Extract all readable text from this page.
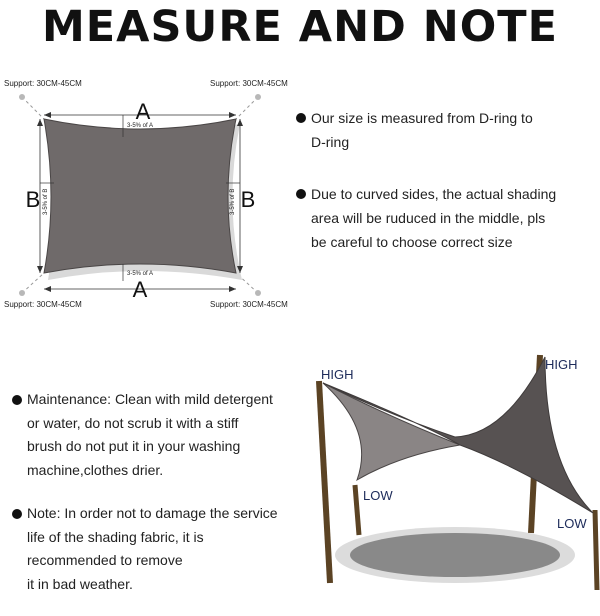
MEASURE AND NOTE
A
3-5% of A
A
3-5% of A
B 3-5% of B	B
3-5% of B
Support: 30CM-45CM	Support: 30CM-45CM
Support: 30CM-45CM	Support: 30CM-45CM
Our size is measured from D-ring to
D-ring
Due to curved sides, the actual shading
area will be ruduced in the middle, pls
be careful to choose correct size
Maintenance: Clean with mild detergent
or water, do not scrub it with a stiff
brush do not put it in your washing
machine,clothes drier.
Note: In order not to damage the service
life of the shading fabric, it is
recommended to remove
it in bad weather.
HIGH
HIGH
LOW
LOW
